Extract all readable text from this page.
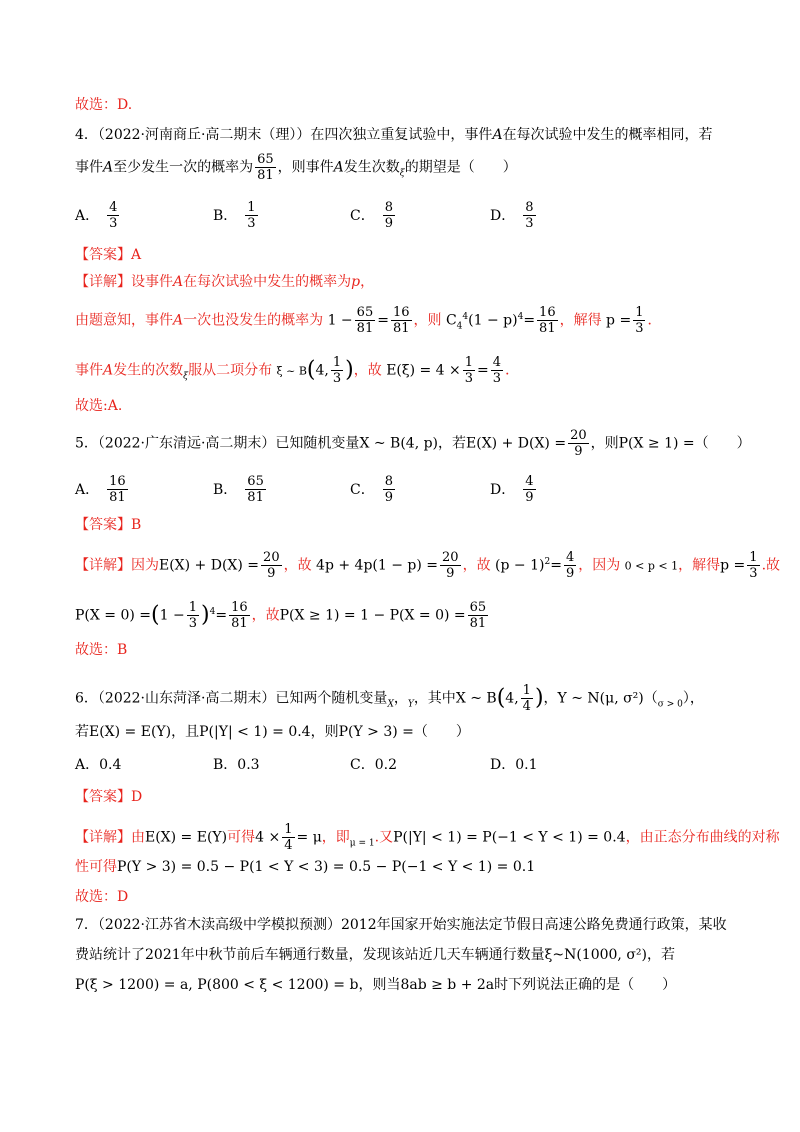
故选：D.
4．（2022·河南商丘·高二期末（理））在四次独立重复试验中，事件A在每次试验中发生的概率相同，若
事件A至少发生一次的概率为 $\frac{65}{81}$ ，则事件A发生次数$_\xi$的期望是（　　）
A． $\frac{4}{3}$	B． $\frac{1}{3}$	C． $\frac{8}{9}$	D． $\frac{8}{3}$
【答案】A
【详解】设事件A在每次试验中发生的概率为p，
由题意知，事件A一次也没发生的概率为 $1 - \frac{65}{81} = \frac{16}{81}$ ，则 $C_4^4(1 - p)^4= \frac{16}{81}$ ，解得 $p = \frac{1}{3}$ ．
事件A发生的次数$_\xi$服从二项分布 ξ ~ B(4, $\frac{1}{3}$ )，故 $E(\xi) = 4 \times \frac{1}{3} = \frac{4}{3}$ ．
故选:A.
5．（2022·广东清远·高二期末）已知随机变量X ~ B(4, p)，若$E(X) + D(X) = \frac{20}{9}$ ，则P(X ≥ 1) =（　　）
A． $\frac{16}{81}$	B． $\frac{65}{81}$	C． $\frac{8}{9}$	D． $\frac{4}{9}$
【答案】B
【详解】因为$E(X) + D(X) = \frac{20}{9}$ ，故 $4p + 4p(1 - p) = \frac{20}{9}$ ，故 $(p - 1)^2= \frac{4}{9}$ ，因为 0 < p < 1，解得$p = \frac{1}{3}$ .故
$P(X = 0) =(1 - \frac{1}{3} )^4= \frac{16}{81}$ ，故$P(X \ge 1) = 1 - P(X = 0) = \frac{65}{81}$
故选：B
6．（2022·山东菏泽·高二期末）已知两个随机变量$_X$，$_Y$，其中X ~ B(4, $\frac{1}{4}$ )，Y ~ N(μ, $\sigma^2)(_{\sigma > 0})$，
若E(X) = E(Y)，且P(|Y| < 1) = 0.4，则P(Y > 3) =（　　）
A．0.4	B．0.3	C．0.2	D．0.1
【答案】D
【详解】由E(X) = E(Y)可得$4 \times \frac{1}{4} = \mu$，即$_{\mu = 1}$.又P(|Y| < 1) = P(−1 < Y < 1) = 0.4，由正态分布曲线的对称
性可得P(Y > 3) = 0.5 − P(1 < Y < 3) = 0.5 − P(−1 < Y < 1) = 0.1
故选：D
7．（2022·江苏省木渎高级中学模拟预测）2012年国家开始实施法定节假日高速公路免费通行政策，某收
费站统计了2021年中秋节前后车辆通行数量，发现该站近几天车辆通行数量ξ~N(1000, σ²)，若
P(ξ > 1200) = a, P(800 < ξ < 1200) = b，则当8ab ≥ b + 2a时下列说法正确的是（　　）
